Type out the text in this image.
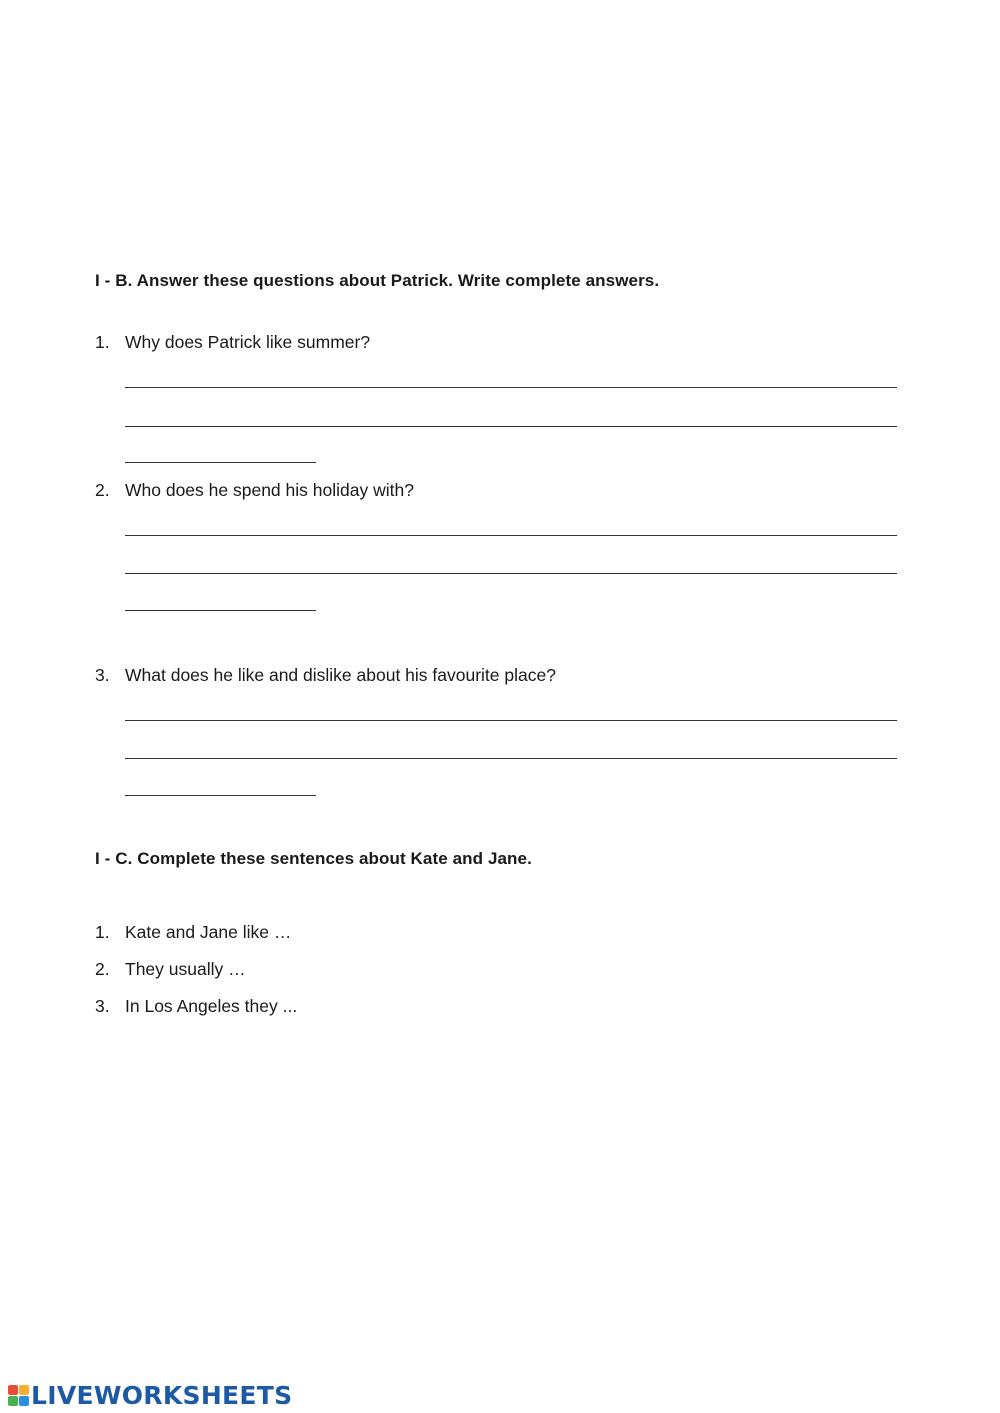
I - B. Answer these questions about Patrick. Write complete answers.
1. Why does Patrick like summer?
2. Who does he spend his holiday with?
3. What does he like and dislike about his favourite place?
I - C. Complete these sentences about Kate and Jane.
1. Kate and Jane like …
2. They usually …
3. In Los Angeles they ...
LIVEWORKSHEETS
